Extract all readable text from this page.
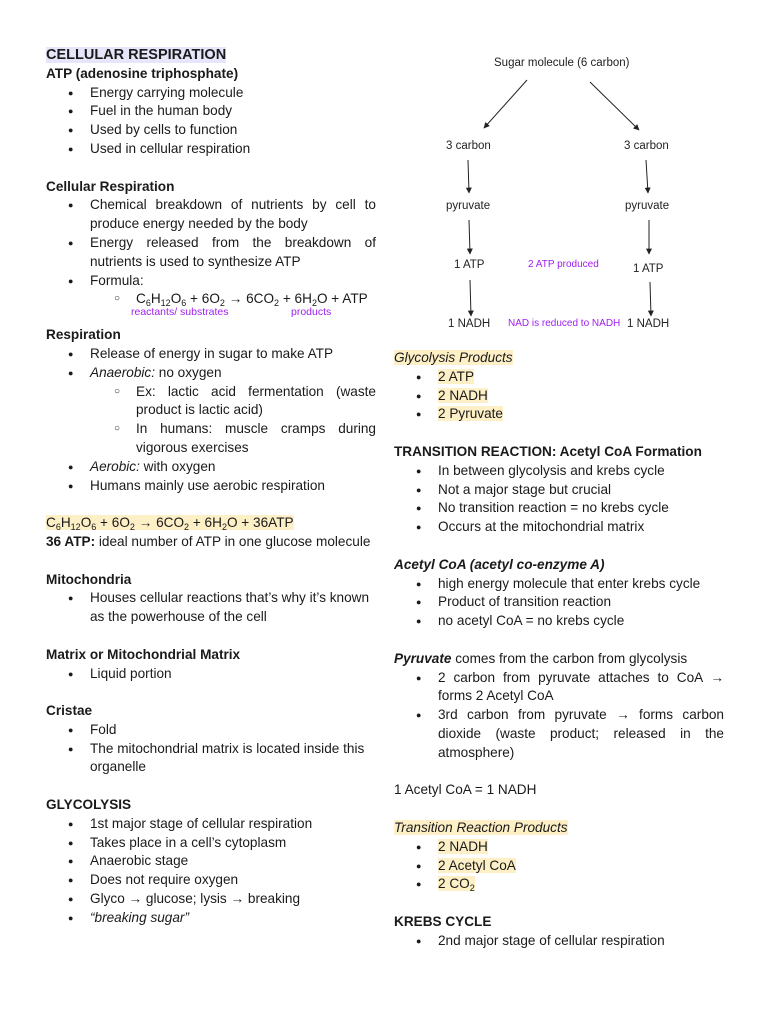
CELLULAR RESPIRATION

ATP (adenosine triphosphate)

● Energy carrying molecule
● Fuel in the human body
● Used by cells to function
● Used in cellular respiration

Cellular Respiration

● Chemical breakdown of nutrients by cell to produce energy needed by the body
● Energy released from the breakdown of nutrients is used to synthesize ATP
● Formula:
○ $C_6H_{12}O_6 + 6O_2 \to 6CO_2 + 6H_2O$ + ATP
reactants/ substrates	products

Respiration

● Release of energy in sugar to make ATP
● Anaerobic: no oxygen
○ Ex: lactic acid fermentation (waste product is lactic acid)
○ In humans: muscle cramps during vigorous exercises
● Aerobic: with oxygen
● Humans mainly use aerobic respiration

$C_6H_{12}O_6 + 6O_2 \to 6CO_2 + 6H_2O + 36ATP$

36 ATP: ideal number of ATP in one glucose molecule

Mitochondria

● Houses cellular reactions that’s why it’s known as the powerhouse of the cell

Matrix or Mitochondrial Matrix

● Liquid portion

Cristae

● Fold
● The mitochondrial matrix is located inside this organelle

GLYCOLYSIS

● 1st major stage of cellular respiration
● Takes place in a cell’s cytoplasm
● Anaerobic stage
● Does not require oxygen
● Glyco → glucose; lysis → breaking
● “breaking sugar”
Sugar molecule (6 carbon)
3 carbon	3 carbon
pyruvate	pyruvate
1 ATP	2 ATP produced	1 ATP
1 NADH NAD is reduced to NADH 1 NADH

Glycolysis Products

● 2 ATP
● 2 NADH
● 2 Pyruvate

TRANSITION REACTION: Acetyl CoA Formation

● In between glycolysis and krebs cycle
● Not a major stage but crucial
● No transition reaction = no krebs cycle
● Occurs at the mitochondrial matrix

Acetyl CoA (acetyl co-enzyme A)

● high energy molecule that enter krebs cycle
● Product of transition reaction
● no acetyl CoA = no krebs cycle

Pyruvate comes from the carbon from glycolysis

● 2 carbon from pyruvate attaches to CoA → forms 2 Acetyl CoA
● 3rd carbon from pyruvate → forms carbon dioxide (waste product; released in the atmosphere)

1 Acetyl CoA = 1 NADH

Transition Reaction Products

● 2 NADH
● 2 Acetyl CoA
● 2 $CO_2$

KREBS CYCLE

● 2nd major stage of cellular respiration
